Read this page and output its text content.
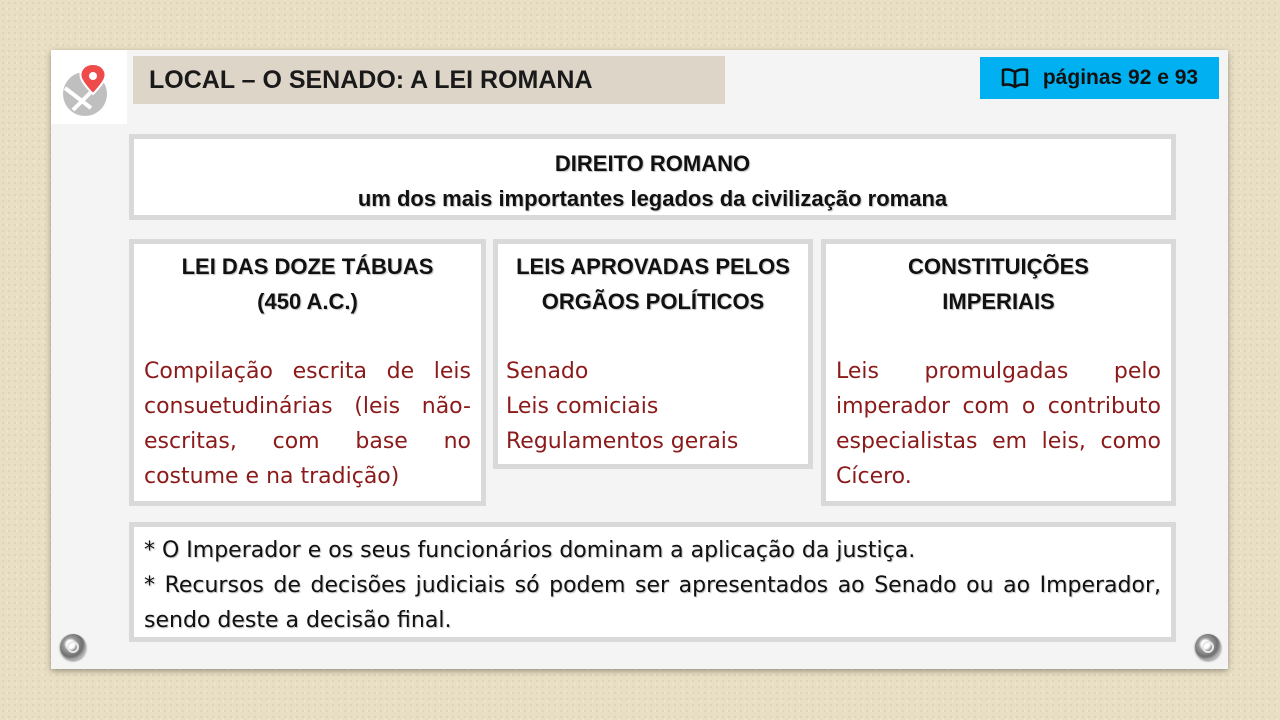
LOCAL – O SENADO: A LEI ROMANA	páginas 92 e 93
DIREITO ROMANO
um dos mais importantes legados da civilização romana
LEI DAS DOZE TÁBUAS
(450 A.C.)
Compilação escrita de leis consuetudinárias (leis não-escritas, com base no costume e na tradição)
LEIS APROVADAS PELOS
ORGÃOS POLÍTICOS
Senado
Leis comiciais
Regulamentos gerais
CONSTITUIÇÕES
IMPERIAIS
Leis promulgadas pelo imperador com o contributo especialistas em leis, como Cícero.
* O Imperador e os seus funcionários dominam a aplicação da justiça.
* Recursos de decisões judiciais só podem ser apresentados ao Senado ou ao Imperador, sendo deste a decisão final.
